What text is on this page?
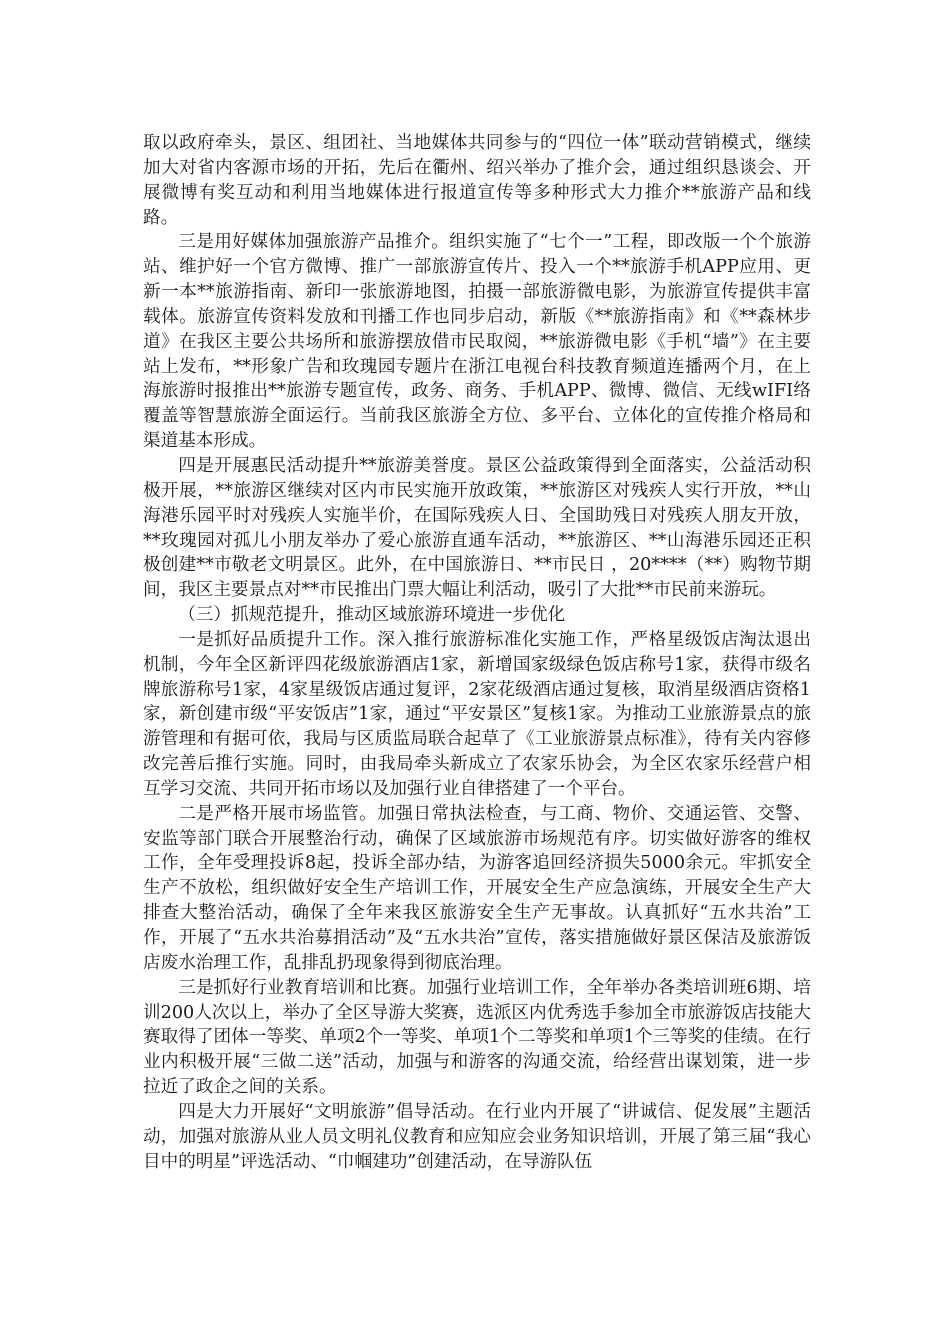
取以政府牵头，景区、组团社、当地媒体共同参与的“四位一体”联动营销模式，继续加大对省内客源市场的开拓，先后在衢州、绍兴举办了推介会，通过组织恳谈会、开展微博有奖互动和利用当地媒体进行报道宣传等多种形式大力推介**旅游产品和线路。

三是用好媒体加强旅游产品推介。组织实施了“七个一”工程，即改版一个个旅游站、维护好一个官方微博、推广一部旅游宣传片、投入一个**旅游手机APP应用、更新一本**旅游指南、新印一张旅游地图，拍摄一部旅游微电影，为旅游宣传提供丰富载体。旅游宣传资料发放和刊播工作也同步启动，新版《**旅游指南》和《**森林步道》在我区主要公共场所和旅游摆放借市民取阅，**旅游微电影《手机“墙”》在主要站上发布，**形象广告和玫瑰园专题片在浙江电视台科技教育频道连播两个月，在上海旅游时报推出**旅游专题宣传，政务、商务、手机APP、微博、微信、无线wIFI络覆盖等智慧旅游全面运行。当前我区旅游全方位、多平台、立体化的宣传推介格局和渠道基本形成。

四是开展惠民活动提升**旅游美誉度。景区公益政策得到全面落实，公益活动积极开展，**旅游区继续对区内市民实施开放政策，**旅游区对残疾人实行开放，**山海港乐园平时对残疾人实施半价，在国际残疾人日、全国助残日对残疾人朋友开放，**玫瑰园对孤儿小朋友举办了爱心旅游直通车活动，**旅游区、**山海港乐园还正积极创建**市敬老文明景区。此外，在中国旅游日、**市民日 ，20****（**）购物节期间，我区主要景点对**市民推出门票大幅让利活动，吸引了大批**市民前来游玩。

（三）抓规范提升，推动区域旅游环境进一步优化

一是抓好品质提升工作。深入推行旅游标准化实施工作，严格星级饭店淘汰退出机制，今年全区新评四花级旅游酒店1家，新增国家级绿色饭店称号1家，获得市级名牌旅游称号1家，4家星级饭店通过复评，2家花级酒店通过复核，取消星级酒店资格1家，新创建市级“平安饭店”1家，通过“平安景区”复核1家。为推动工业旅游景点的旅游管理和有据可依，我局与区质监局联合起草了《工业旅游景点标准》，待有关内容修改完善后推行实施。同时，由我局牵头新成立了农家乐协会，为全区农家乐经营户相互学习交流、共同开拓市场以及加强行业自律搭建了一个平台。

二是严格开展市场监管。加强日常执法检查，与工商、物价、交通运管、交警、安监等部门联合开展整治行动，确保了区域旅游市场规范有序。切实做好游客的维权工作，全年受理投诉8起，投诉全部办结，为游客追回经济损失5000余元。牢抓安全生产不放松，组织做好安全生产培训工作，开展安全生产应急演练，开展安全生产大排查大整治活动，确保了全年来我区旅游安全生产无事故。认真抓好“五水共治”工作，开展了“五水共治募捐活动”及“五水共治”宣传，落实措施做好景区保洁及旅游饭店废水治理工作，乱排乱扔现象得到彻底治理。

三是抓好行业教育培训和比赛。加强行业培训工作，全年举办各类培训班6期、培训200人次以上，举办了全区导游大奖赛，选派区内优秀选手参加全市旅游饭店技能大赛取得了团体一等奖、单项2个一等奖、单项1个二等奖和单项1个三等奖的佳绩。在行业内积极开展“三做二送”活动，加强与和游客的沟通交流，给经营出谋划策，进一步拉近了政企之间的关系。

四是大力开展好“文明旅游”倡导活动。在行业内开展了“讲诚信、促发展”主题活动，加强对旅游从业人员文明礼仪教育和应知应会业务知识培训，开展了第三届“我心目中的明星”评选活动、“巾帼建功”创建活动，在导游队伍
